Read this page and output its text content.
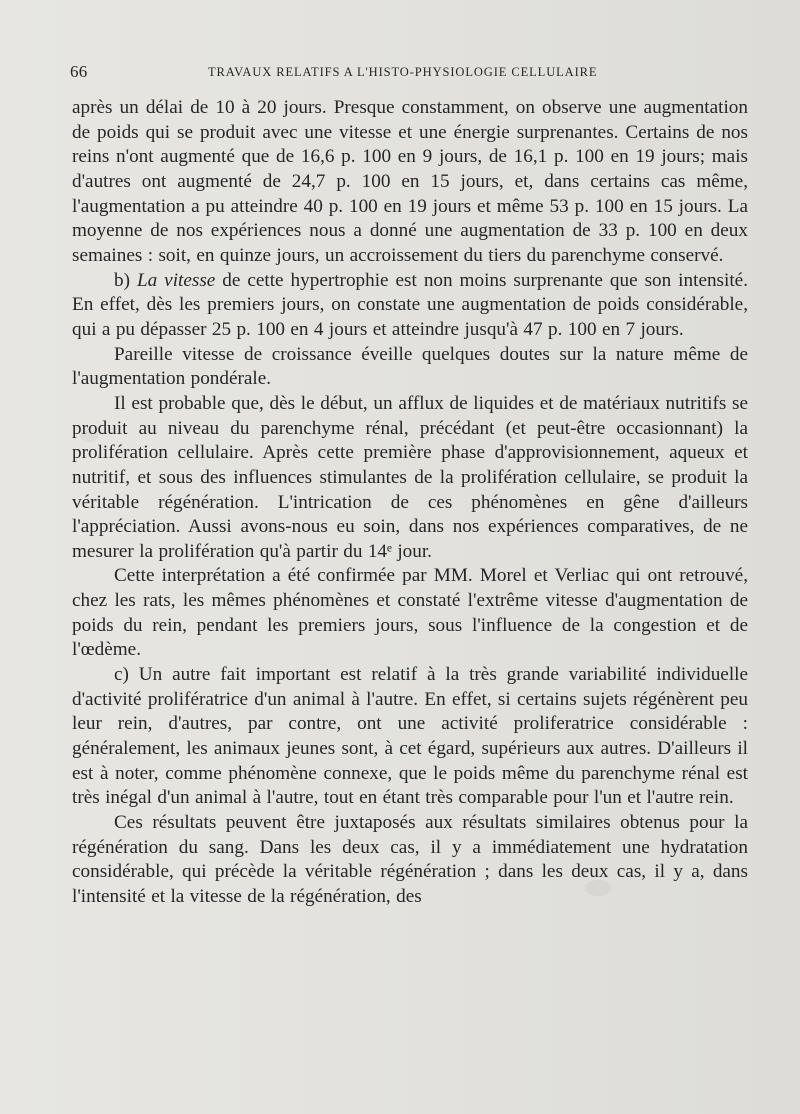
66	TRAVAUX RELATIFS A L'HISTO-PHYSIOLOGIE CELLULAIRE

après un délai de 10 à 20 jours. Presque constamment, on observe une augmentation de poids qui se produit avec une vitesse et une énergie surprenantes. Certains de nos reins n'ont augmenté que de 16,6 p. 100 en 9 jours, de 16,1 p. 100 en 19 jours; mais d'autres ont augmenté de 24,7 p. 100 en 15 jours, et, dans certains cas même, l'augmentation a pu atteindre 40 p. 100 en 19 jours et même 53 p. 100 en 15 jours. La moyenne de nos expériences nous a donné une augmentation de 33 p. 100 en deux semaines : soit, en quinze jours, un accroissement du tiers du parenchyme conservé.

b) La vitesse de cette hypertrophie est non moins surprenante que son intensité. En effet, dès les premiers jours, on constate une augmentation de poids considérable, qui a pu dépasser 25 p. 100 en 4 jours et atteindre jusqu'à 47 p. 100 en 7 jours.

Pareille vitesse de croissance éveille quelques doutes sur la nature même de l'augmentation pondérale.

Il est probable que, dès le début, un afflux de liquides et de matériaux nutritifs se produit au niveau du parenchyme rénal, précédant (et peut-être occasionnant) la prolifération cellulaire. Après cette première phase d'approvisionnement, aqueux et nutritif, et sous des influences stimulantes de la prolifération cellulaire, se produit la véritable régénération. L'intrication de ces phénomènes en gêne d'ailleurs l'appréciation. Aussi avons-nous eu soin, dans nos expériences comparatives, de ne mesurer la prolifération qu'à partir du 14ᵉ jour.

Cette interprétation a été confirmée par MM. Morel et Verliac qui ont retrouvé, chez les rats, les mêmes phénomènes et constaté l'extrême vitesse d'augmentation de poids du rein, pendant les premiers jours, sous l'influence de la congestion et de l'œdème.

c) Un autre fait important est relatif à la très grande variabilité individuelle d'activité prolifératrice d'un animal à l'autre. En effet, si certains sujets régénèrent peu leur rein, d'autres, par contre, ont une activité proliferatrice considérable : généralement, les animaux jeunes sont, à cet égard, supérieurs aux autres. D'ailleurs il est à noter, comme phénomène connexe, que le poids même du parenchyme rénal est très inégal d'un animal à l'autre, tout en étant très comparable pour l'un et l'autre rein.

Ces résultats peuvent être juxtaposés aux résultats similaires obtenus pour la régénération du sang. Dans les deux cas, il y a immédiatement une hydratation considérable, qui précède la véritable régénération ; dans les deux cas, il y a, dans l'intensité et la vitesse de la régénération, des
